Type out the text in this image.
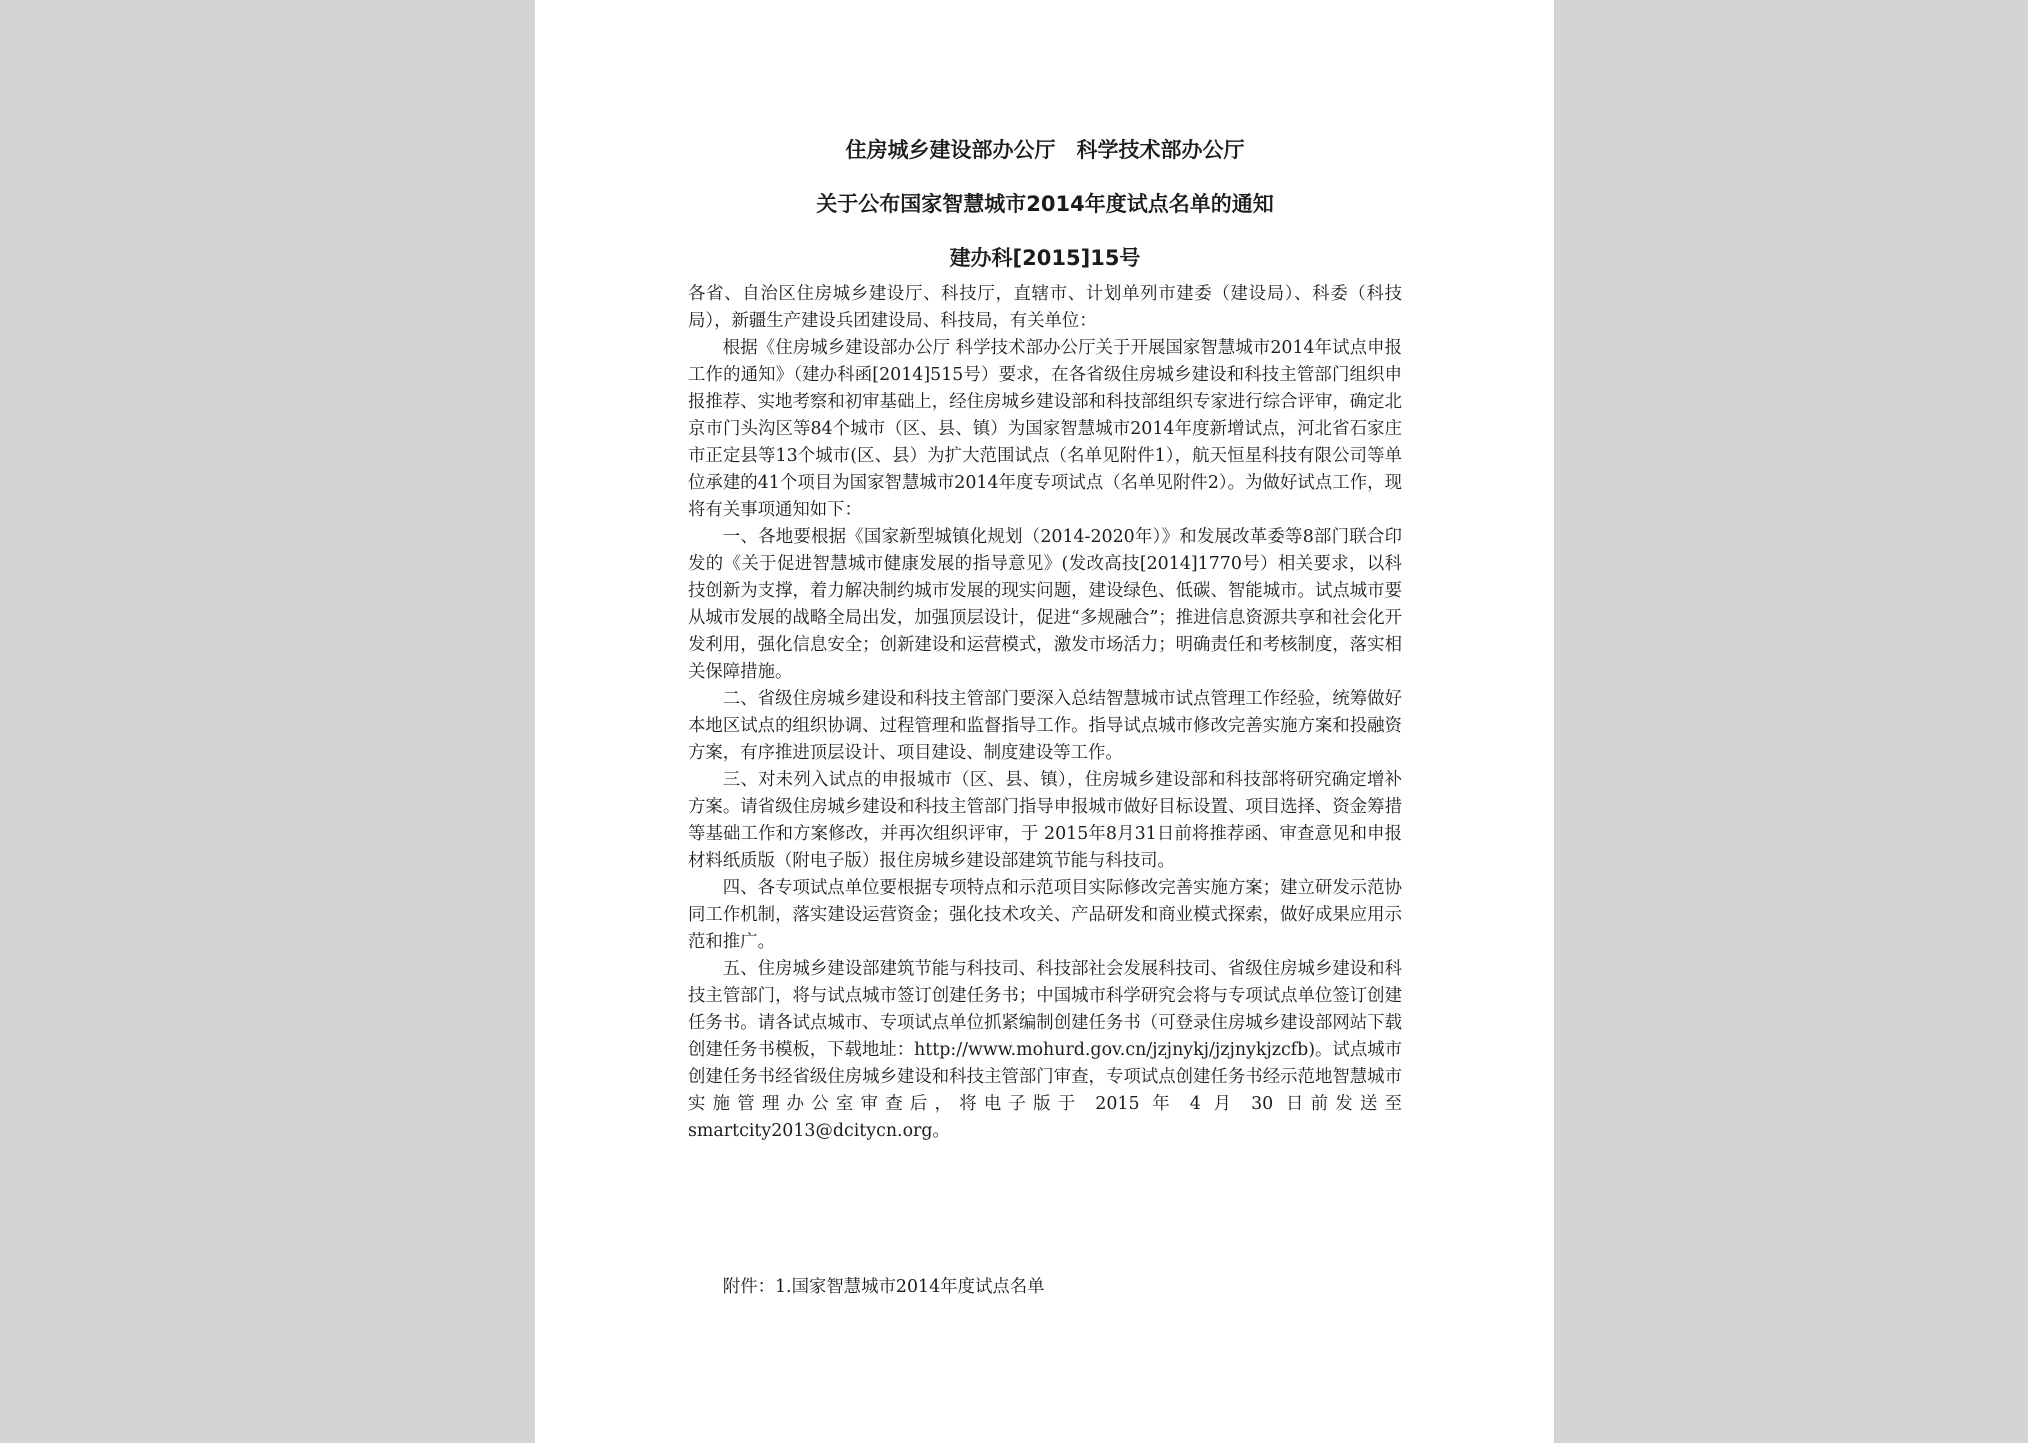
住房城乡建设部办公厅　科学技术部办公厅
关于公布国家智慧城市2014年度试点名单的通知
建办科[2015]15号

各省、自治区住房城乡建设厅、科技厅，直辖市、计划单列市建委（建设局）、科委（科技局），新疆生产建设兵团建设局、科技局，有关单位：

根据《住房城乡建设部办公厅 科学技术部办公厅关于开展国家智慧城市2014年试点申报工作的通知》（建办科函[2014]515号）要求，在各省级住房城乡建设和科技主管部门组织申报推荐、实地考察和初审基础上，经住房城乡建设部和科技部组织专家进行综合评审，确定北京市门头沟区等84个城市（区、县、镇）为国家智慧城市2014年度新增试点，河北省石家庄市正定县等13个城市(区、县）为扩大范围试点（名单见附件1），航天恒星科技有限公司等单位承建的41个项目为国家智慧城市2014年度专项试点（名单见附件2）。为做好试点工作，现将有关事项通知如下：

一、各地要根据《国家新型城镇化规划（2014-2020年）》和发展改革委等8部门联合印发的《关于促进智慧城市健康发展的指导意见》(发改高技[2014]1770号）相关要求，以科技创新为支撑，着力解决制约城市发展的现实问题，建设绿色、低碳、智能城市。试点城市要从城市发展的战略全局出发，加强顶层设计，促进“多规融合”；推进信息资源共享和社会化开发利用，强化信息安全；创新建设和运营模式，激发市场活力；明确责任和考核制度，落实相关保障措施。

二、省级住房城乡建设和科技主管部门要深入总结智慧城市试点管理工作经验，统筹做好本地区试点的组织协调、过程管理和监督指导工作。指导试点城市修改完善实施方案和投融资方案，有序推进顶层设计、项目建设、制度建设等工作。

三、对未列入试点的申报城市（区、县、镇），住房城乡建设部和科技部将研究确定增补方案。请省级住房城乡建设和科技主管部门指导申报城市做好目标设置、项目选择、资金筹措等基础工作和方案修改，并再次组织评审，于 2015年8月31日前将推荐函、审查意见和申报材料纸质版（附电子版）报住房城乡建设部建筑节能与科技司。

四、各专项试点单位要根据专项特点和示范项目实际修改完善实施方案；建立研发示范协同工作机制，落实建设运营资金；强化技术攻关、产品研发和商业模式探索，做好成果应用示范和推广。

五、住房城乡建设部建筑节能与科技司、科技部社会发展科技司、省级住房城乡建设和科技主管部门，将与试点城市签订创建任务书；中国城市科学研究会将与专项试点单位签订创建任务书。请各试点城市、专项试点单位抓紧编制创建任务书（可登录住房城乡建设部网站下载创建任务书模板，下载地址：http://www.mohurd.gov.cn/jzjnykj/jzjnykjzcfb)。试点城市创建任务书经省级住房城乡建设和科技主管部门审查，专项试点创建任务书经示范地智慧城市实施管理办公室审查后，将电子版于 2015 年 4 月 30 日前发送至smartcity2013@dcitycn.org。

附件：1.国家智慧城市2014年度试点名单
